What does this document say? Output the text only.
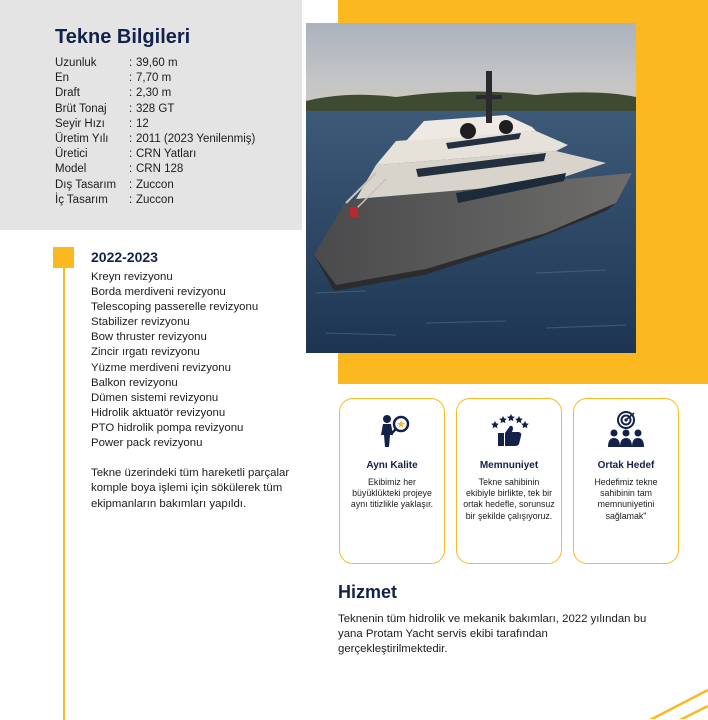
Tekne Bilgileri
Uzunluk	: 39,60 m
En	: 7,70 m
Draft	: 2,30 m
Brüt Tonaj	: 328 GT
Seyir Hızı	: 12
Üretim Yılı	: 2011 (2023 Yenilenmiş)
Üretici	: CRN Yatları
Model	: CRN 128
Dış Tasarım	: Zuccon
İç Tasarım	: Zuccon
2022-2023
Kreyn revizyonu
Borda merdiveni revizyonu
Telescoping passerelle revizyonu
Stabilizer revizyonu
Bow thruster revizyonu
Zincir ırgatı revizyonu
Yüzme merdiveni revizyonu
Balkon revizyonu
Dümen sistemi revizyonu
Hidrolik aktuatör revizyonu
PTO hidrolik pompa revizyonu
Power pack revizyonu

Tekne üzerindeki tüm hareketli parçalar komple boya işlemi için sökülerek tüm ekipmanların bakımları yapıldı.

Aynı Kalite
Ekibimiz her büyüklükteki projeye aynı titizlikle yaklaşır.
Memnuniyet
Tekne sahibinin ekibiyle birlikte, tek bir ortak hedefle, sorunsuz bir şekilde çalışıyoruz.
Ortak Hedef
Hedefimiz tekne sahibinin tam memnuniyetini sağlamak"
Hizmet

Teknenin tüm hidrolik ve mekanik bakımları, 2022 yılından bu yana Protam Yacht servis ekibi tarafından gerçekleştirilmektedir.
